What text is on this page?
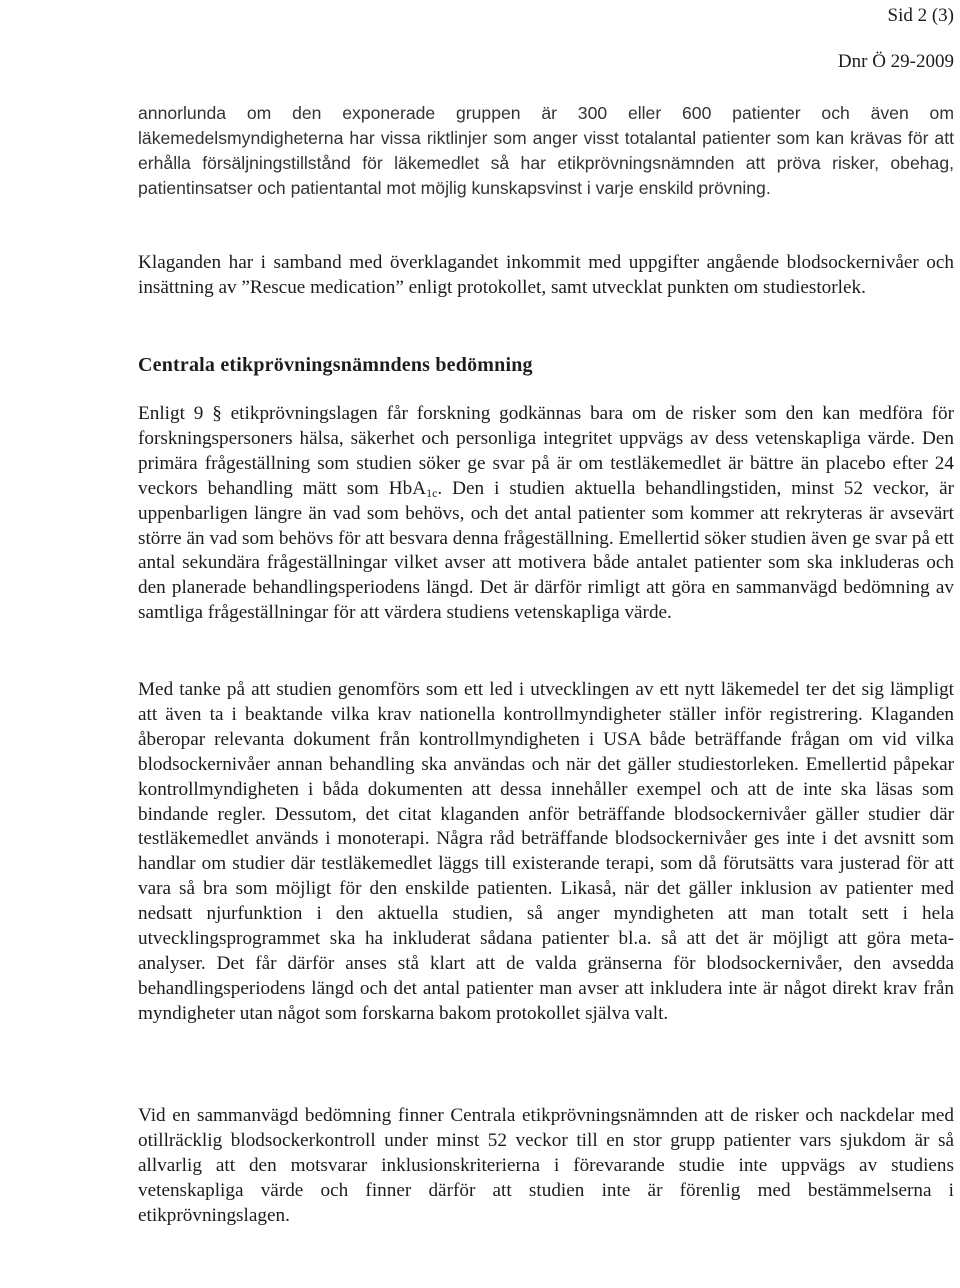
Sid 2 (3)
Dnr Ö 29-2009

annorlunda om den exponerade gruppen är 300 eller 600 patienter och även om läkemedelsmyndigheterna har vissa riktlinjer som anger visst totalantal patienter som kan krävas för att erhålla försäljningstillstånd för läkemedlet så har etikprövningsnämnden att pröva risker, obehag, patientinsatser och patientantal mot möjlig kunskapsvinst i varje enskild prövning.

Klaganden har i samband med överklagandet inkommit med uppgifter angående blodsockernivåer och insättning av ”Rescue medication” enligt protokollet, samt utvecklat punkten om studiestorlek.

Centrala etikprövningsnämndens bedömning

Enligt 9 § etikprövningslagen får forskning godkännas bara om de risker som den kan medföra för forskningspersoners hälsa, säkerhet och personliga integritet uppvägs av dess vetenskapliga värde. Den primära frågeställning som studien söker ge svar på är om testläkemedlet är bättre än placebo efter 24 veckors behandling mätt som HbA$_{1c}$. Den i studien aktuella behandlingstiden, minst 52 veckor, är uppenbarligen längre än vad som behövs, och det antal patienter som kommer att rekryteras är avsevärt större än vad som behövs för att besvara denna frågeställning. Emellertid söker studien även ge svar på ett antal sekundära frågeställningar vilket avser att motivera både antalet patienter som ska inkluderas och den planerade behandlingsperiodens längd. Det är därför rimligt att göra en sammanvägd bedömning av samtliga frågeställningar för att värdera studiens vetenskapliga värde.

Med tanke på att studien genomförs som ett led i utvecklingen av ett nytt läkemedel ter det sig lämpligt att även ta i beaktande vilka krav nationella kontrollmyndigheter ställer inför registrering. Klaganden åberopar relevanta dokument från kontrollmyndigheten i USA både beträffande frågan om vid vilka blodsockernivåer annan behandling ska användas och när det gäller studiestorleken. Emellertid påpekar kontrollmyndigheten i båda dokumenten att dessa innehåller exempel och att de inte ska läsas som bindande regler. Dessutom, det citat klaganden anför beträffande blodsockernivåer gäller studier där testläkemedlet används i monoterapi. Några råd beträffande blodsockernivåer ges inte i det avsnitt som handlar om studier där testläkemedlet läggs till existerande terapi, som då förutsätts vara justerad för att vara så bra som möjligt för den enskilde patienten. Likaså, när det gäller inklusion av patienter med nedsatt njurfunktion i den aktuella studien, så anger myndigheten att man totalt sett i hela utvecklingsprogrammet ska ha inkluderat sådana patienter bl.a. så att det är möjligt att göra meta-analyser. Det får därför anses stå klart att de valda gränserna för blodsockernivåer, den avsedda behandlingsperiodens längd och det antal patienter man avser att inkludera inte är något direkt krav från myndigheter utan något som forskarna bakom protokollet själva valt.

Vid en sammanvägd bedömning finner Centrala etikprövningsnämnden att de risker och nackdelar med otillräcklig blodsockerkontroll under minst 52 veckor till en stor grupp patienter vars sjukdom är så allvarlig att den motsvarar inklusionskriterierna i förevarande studie inte uppvägs av studiens vetenskapliga värde och finner därför att studien inte är förenlig med bestämmelserna i etikprövningslagen.
